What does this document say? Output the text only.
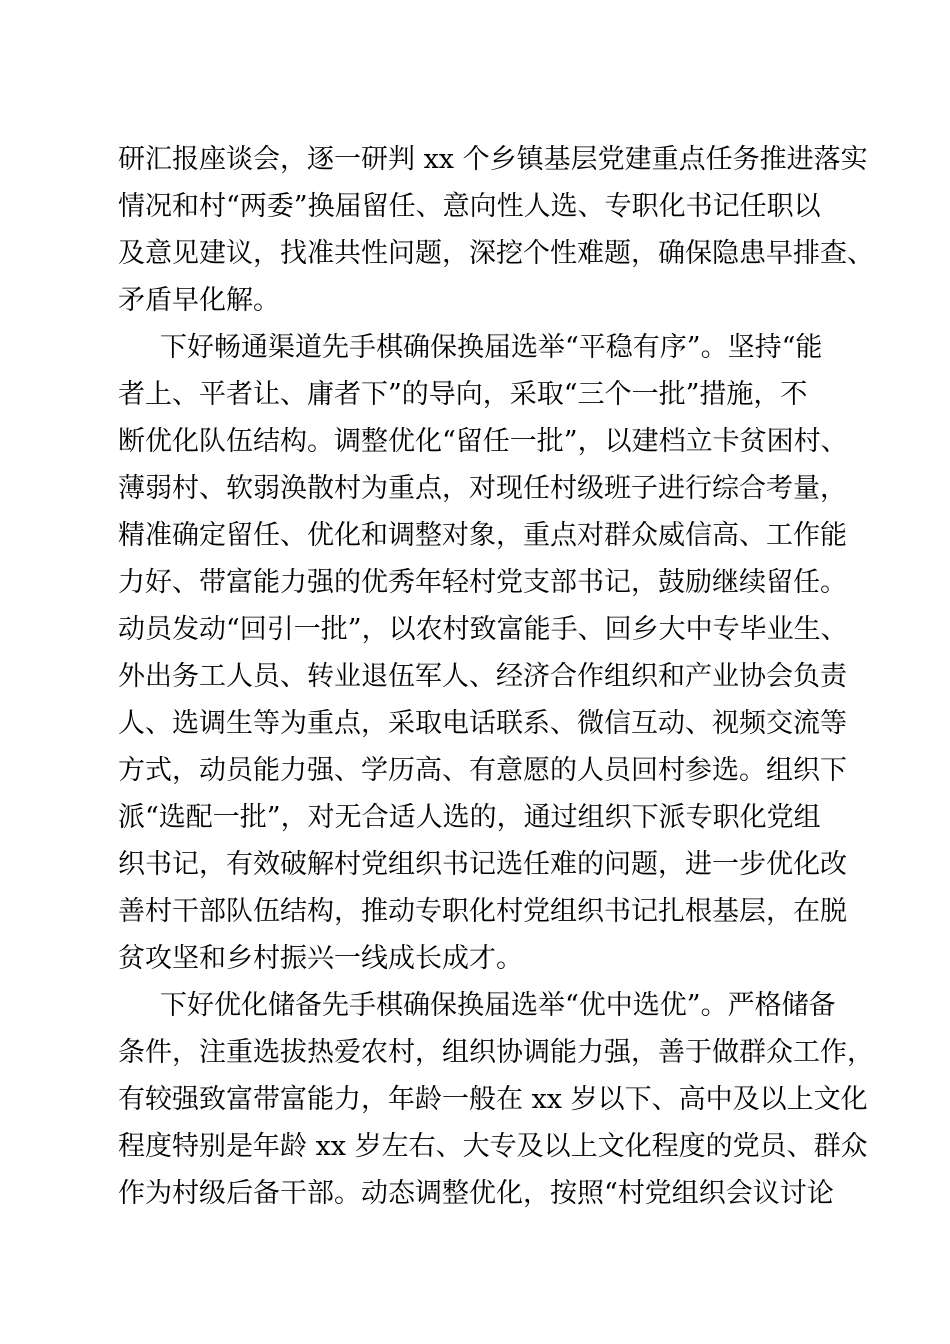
研汇报座谈会，逐一研判 xx 个乡镇基层党建重点任务推进落实
情况和村“两委”换届留任、意向性人选、专职化书记任职以
及意见建议，找准共性问题，深挖个性难题，确保隐患早排查、
矛盾早化解。
下好畅通渠道先手棋确保换届选举“平稳有序”。坚持“能
者上、平者让、庸者下”的导向，采取“三个一批”措施，不
断优化队伍结构。调整优化“留任一批”，以建档立卡贫困村、
薄弱村、软弱涣散村为重点，对现任村级班子进行综合考量，
精准确定留任、优化和调整对象，重点对群众威信高、工作能
力好、带富能力强的优秀年轻村党支部书记，鼓励继续留任。
动员发动“回引一批”，以农村致富能手、回乡大中专毕业生、
外出务工人员、转业退伍军人、经济合作组织和产业协会负责
人、选调生等为重点，采取电话联系、微信互动、视频交流等
方式，动员能力强、学历高、有意愿的人员回村参选。组织下
派“选配一批”，对无合适人选的，通过组织下派专职化党组
织书记，有效破解村党组织书记选任难的问题，进一步优化改
善村干部队伍结构，推动专职化村党组织书记扎根基层，在脱
贫攻坚和乡村振兴一线成长成才。
下好优化储备先手棋确保换届选举“优中选优”。严格储备
条件，注重选拔热爱农村，组织协调能力强，善于做群众工作，
有较强致富带富能力，年龄一般在 xx 岁以下、高中及以上文化
程度特别是年龄 xx 岁左右、大专及以上文化程度的党员、群众
作为村级后备干部。动态调整优化，按照“村党组织会议讨论
